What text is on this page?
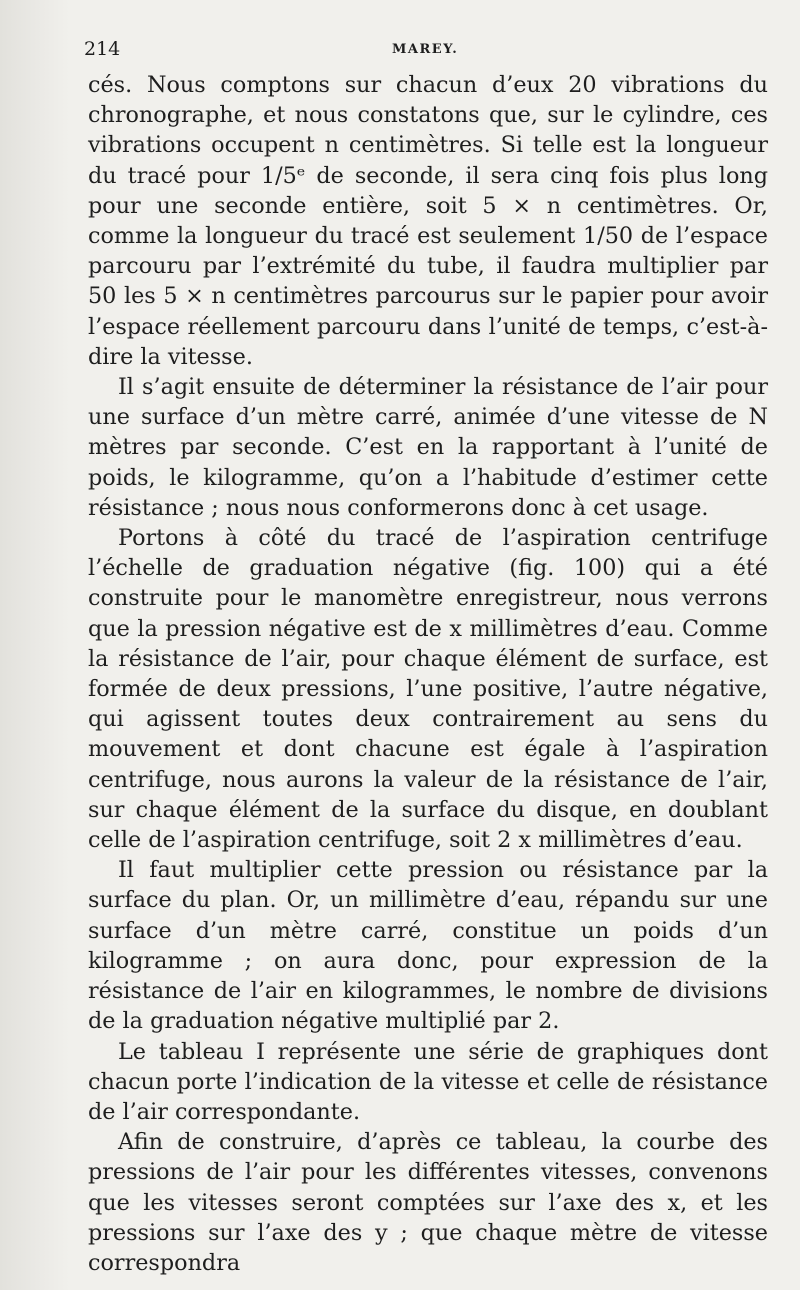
214	MAREY.

cés. Nous comptons sur chacun d’eux 20 vibrations du chronographe, et nous constatons que, sur le cylindre, ces vibrations occupent n centimètres. Si telle est la longueur du tracé pour 1/5ᵉ de seconde, il sera cinq fois plus long pour une seconde entière, soit 5 × n centimètres. Or, comme la longueur du tracé est seulement 1/50 de l’espace parcouru par l’extrémité du tube, il faudra multiplier par 50 les 5 × n centimètres parcourus sur le papier pour avoir l’espace réellement parcouru dans l’unité de temps, c’est-à-dire la vitesse.

Il s’agit ensuite de déterminer la résistance de l’air pour une surface d’un mètre carré, animée d’une vitesse de N mètres par seconde. C’est en la rapportant à l’unité de poids, le kilogramme, qu’on a l’habitude d’estimer cette résistance ; nous nous conformerons donc à cet usage.

Portons à côté du tracé de l’aspiration centrifuge l’échelle de graduation négative (fig. 100) qui a été construite pour le manomètre enregistreur, nous verrons que la pression négative est de x millimètres d’eau. Comme la résistance de l’air, pour chaque élément de surface, est formée de deux pressions, l’une positive, l’autre négative, qui agissent toutes deux contrairement au sens du mouvement et dont chacune est égale à l’aspiration centrifuge, nous aurons la valeur de la résistance de l’air, sur chaque élément de la surface du disque, en doublant celle de l’aspiration centrifuge, soit 2 x millimètres d’eau.

Il faut multiplier cette pression ou résistance par la surface du plan. Or, un millimètre d’eau, répandu sur une surface d’un mètre carré, constitue un poids d’un kilogramme ; on aura donc, pour expression de la résistance de l’air en kilogrammes, le nombre de divisions de la graduation négative multiplié par 2.

Le tableau I représente une série de graphiques dont chacun porte l’indication de la vitesse et celle de résistance de l’air correspondante.

Afin de construire, d’après ce tableau, la courbe des pressions de l’air pour les différentes vitesses, convenons que les vitesses seront comptées sur l’axe des x, et les pressions sur l’axe des y ; que chaque mètre de vitesse correspondra
